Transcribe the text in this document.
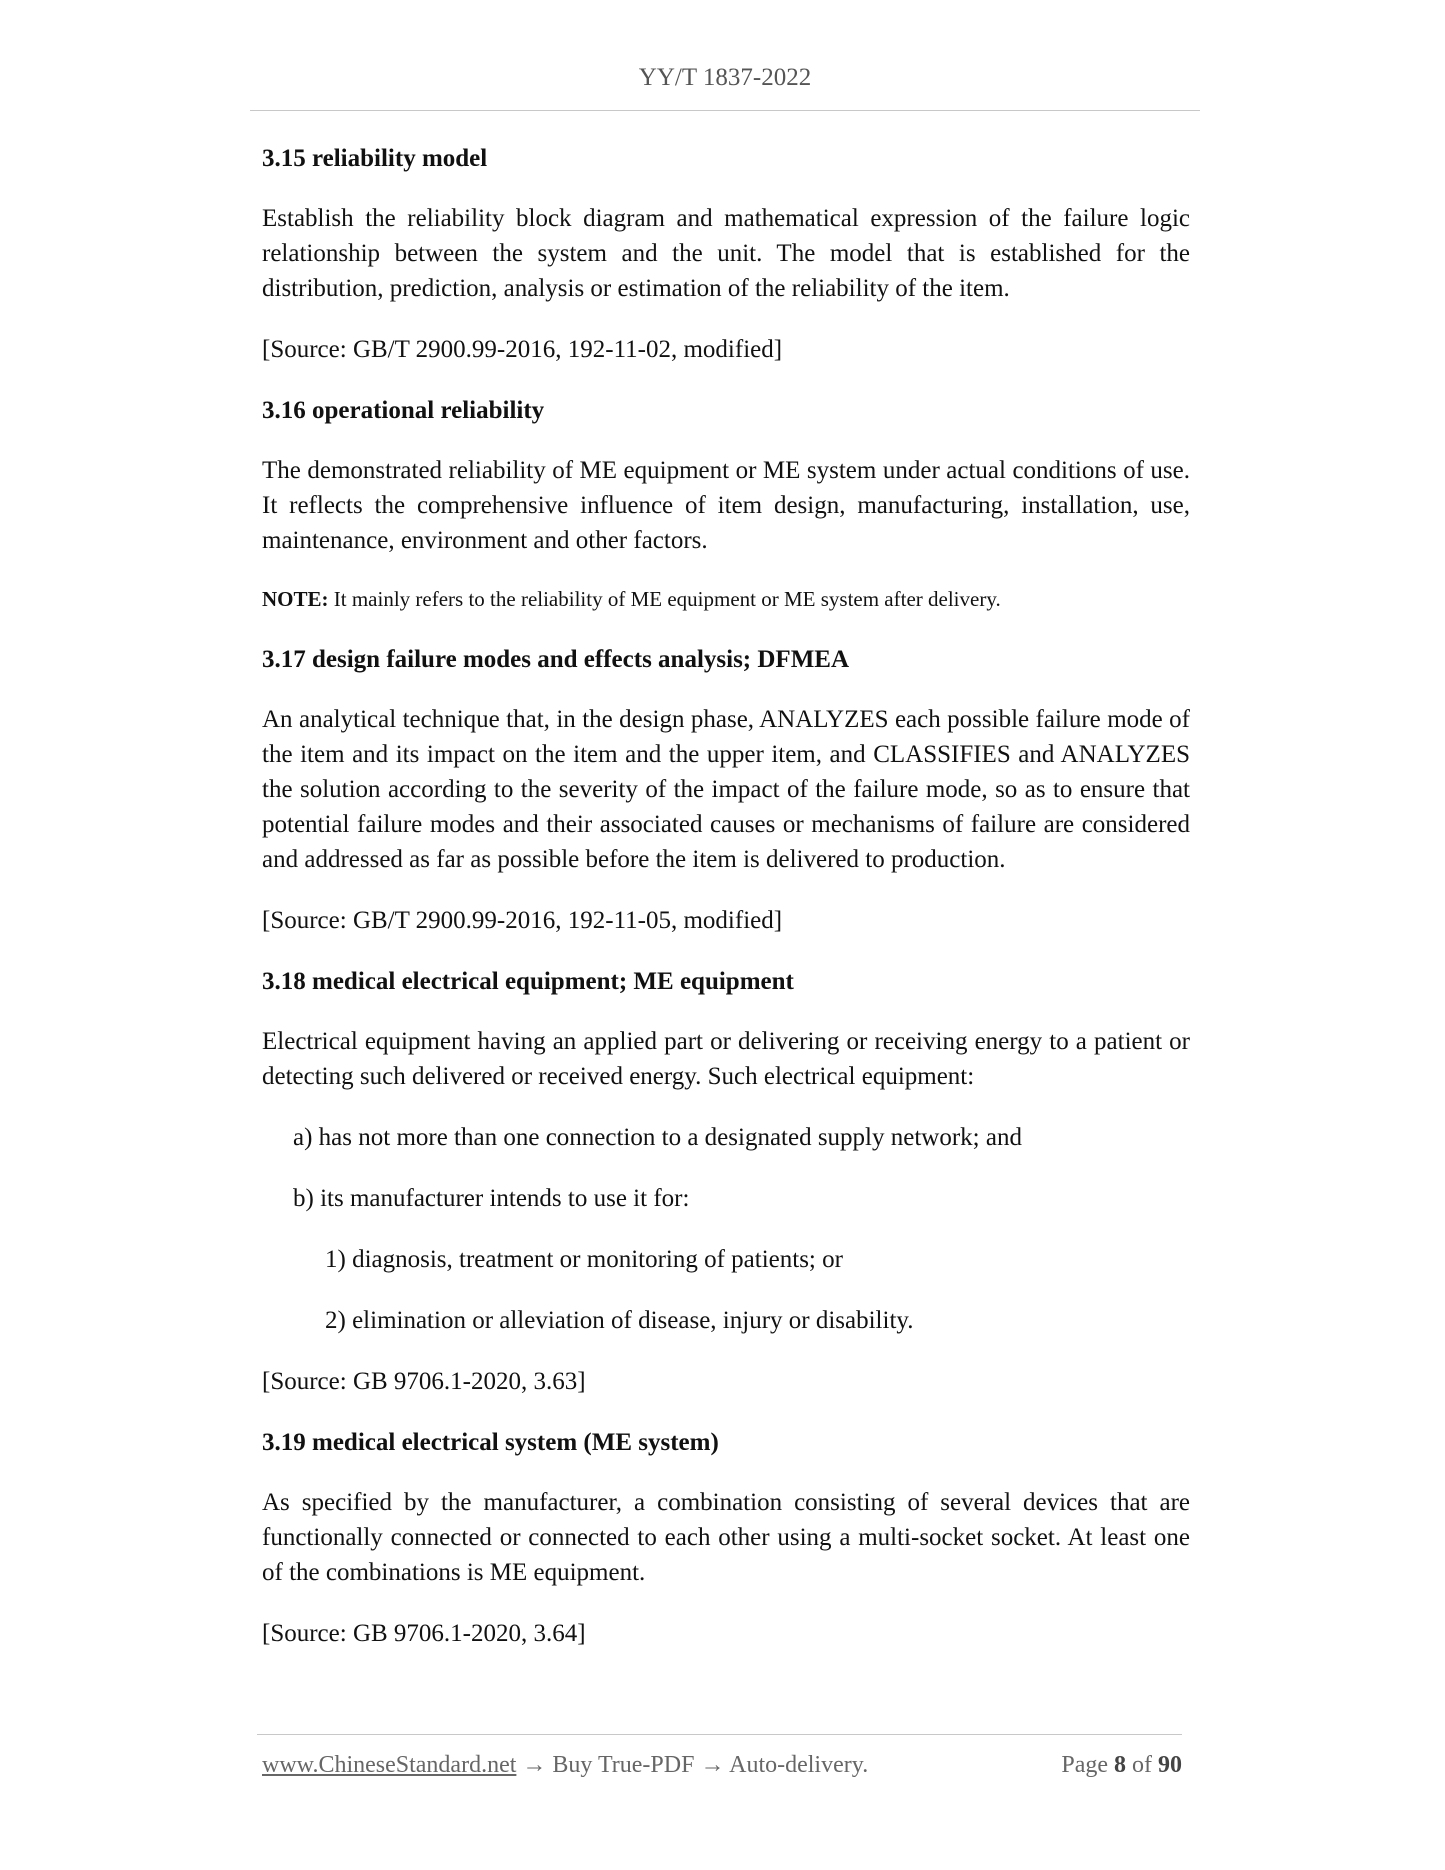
YY/T 1837-2022
3.15 reliability model
Establish the reliability block diagram and mathematical expression of the failure logic relationship between the system and the unit. The model that is established for the distribution, prediction, analysis or estimation of the reliability of the item.
[Source: GB/T 2900.99-2016, 192-11-02, modified]
3.16 operational reliability
The demonstrated reliability of ME equipment or ME system under actual conditions of use. It reflects the comprehensive influence of item design, manufacturing, installation, use, maintenance, environment and other factors.
NOTE: It mainly refers to the reliability of ME equipment or ME system after delivery.
3.17 design failure modes and effects analysis; DFMEA
An analytical technique that, in the design phase, ANALYZES each possible failure mode of the item and its impact on the item and the upper item, and CLASSIFIES and ANALYZES the solution according to the severity of the impact of the failure mode, so as to ensure that potential failure modes and their associated causes or mechanisms of failure are considered and addressed as far as possible before the item is delivered to production.
[Source: GB/T 2900.99-2016, 192-11-05, modified]
3.18 medical electrical equipment; ME equipment
Electrical equipment having an applied part or delivering or receiving energy to a patient or detecting such delivered or received energy. Such electrical equipment:
a) has not more than one connection to a designated supply network; and
b) its manufacturer intends to use it for:
1) diagnosis, treatment or monitoring of patients; or
2) elimination or alleviation of disease, injury or disability.
[Source: GB 9706.1-2020, 3.63]
3.19 medical electrical system (ME system)
As specified by the manufacturer, a combination consisting of several devices that are functionally connected or connected to each other using a multi-socket socket. At least one of the combinations is ME equipment.
[Source: GB 9706.1-2020, 3.64]
www.ChineseStandard.net → Buy True-PDF → Auto-delivery.	Page 8 of 90
